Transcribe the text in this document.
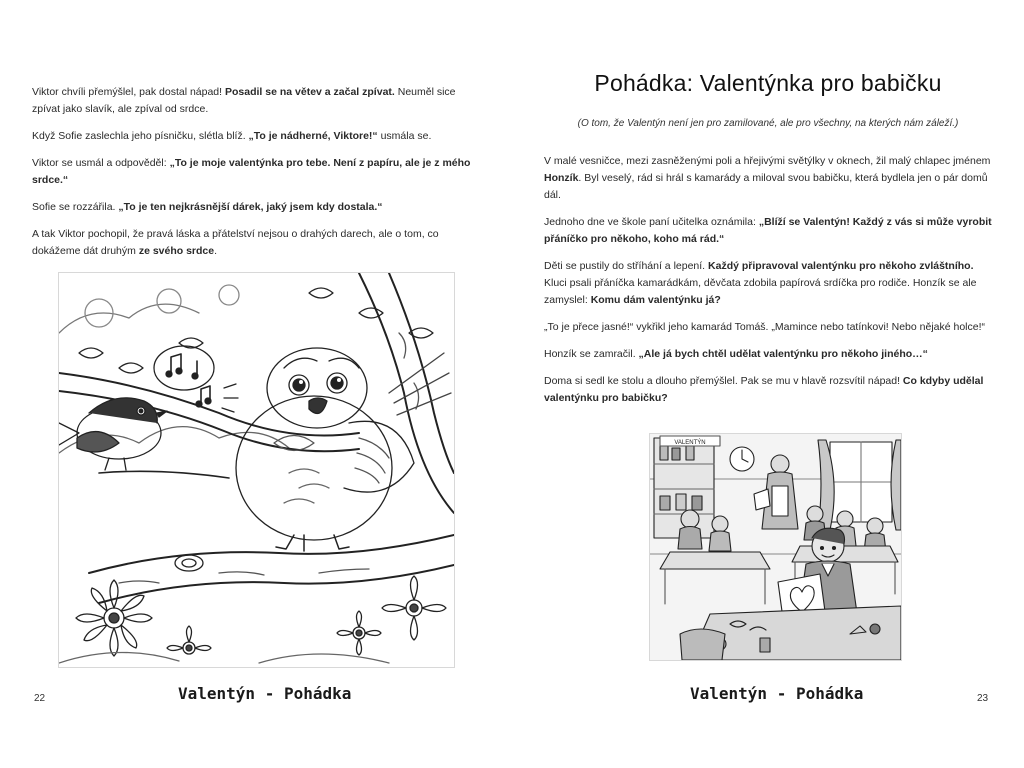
Viktor chvíli přemýšlel, pak dostal nápad! Posadil se na větev a začal zpívat. Neuměl sice zpívat jako slavík, ale zpíval od srdce.

Když Sofie zaslechla jeho písničku, slétla blíž. „To je nádherné, Viktore!“ usmála se.

Viktor se usmál a odpověděl: „To je moje valentýnka pro tebe. Není z papíru, ale je z mého srdce.“

Sofie se rozzářila. „To je ten nejkrásnější dárek, jaký jsem kdy dostala.“

A tak Viktor pochopil, že pravá láska a přátelství nejsou o drahých darech, ale o tom, co dokážeme dát druhým ze svého srdce.

Valentýn - Pohádka
22
Pohádka: Valentýnka pro babičku
(O tom, že Valentýn není jen pro zamilované, ale pro všechny, na kterých nám záleží.)

V malé vesničce, mezi zasněženými poli a hřejivými světýlky v oknech, žil malý chlapec jménem Honzík. Byl veselý, rád si hrál s kamarády a miloval svou babičku, která bydlela jen o pár domů dál.

Jednoho dne ve škole paní učitelka oznámila: „Blíží se Valentýn! Každý z vás si může vyrobit přáníčko pro někoho, koho má rád.“

Děti se pustily do stříhání a lepení. Každý připravoval valentýnku pro někoho zvláštního. Kluci psali přáníčka kamarádkám, děvčata zdobila papírová srdíčka pro rodiče. Honzík se ale zamyslel: Komu dám valentýnku já?

„To je přece jasné!“ vykřikl jeho kamarád Tomáš. „Mamince nebo tatínkovi! Nebo nějaké holce!“

Honzík se zamračil. „Ale já bych chtěl udělat valentýnku pro někoho jiného…“

Doma si sedl ke stolu a dlouho přemýšlel. Pak se mu v hlavě rozsvítil nápad! Co kdyby udělal valentýnku pro babičku?

VALENTÝN
Valentýn - Pohádka	23
